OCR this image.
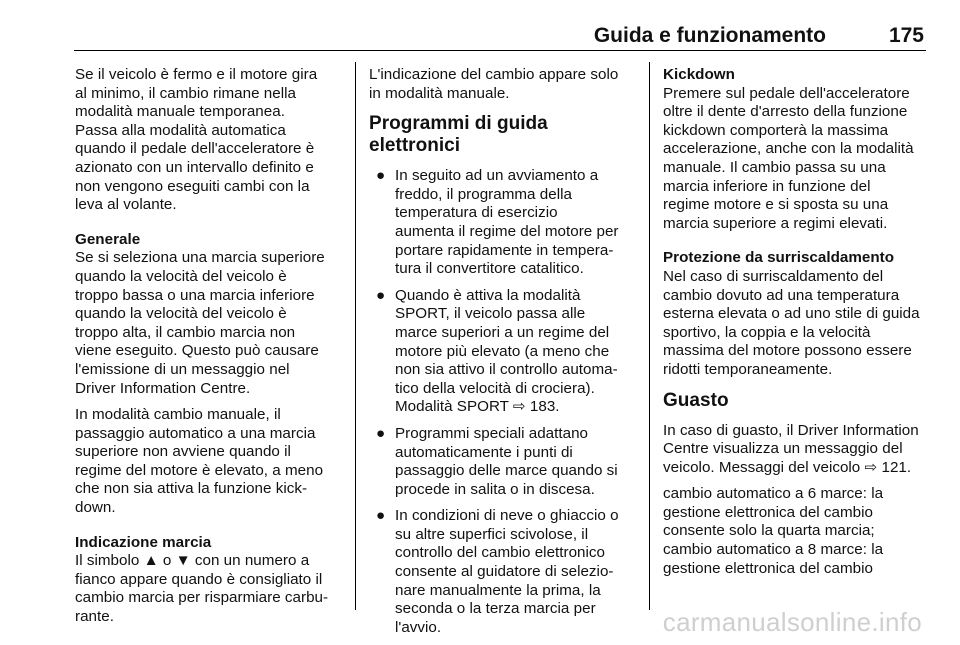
Guida e funzionamento	175

Se il veicolo è fermo e il motore gira
al minimo, il cambio rimane nella
modalità manuale temporanea.
Passa alla modalità automatica
quando il pedale dell'acceleratore è
azionato con un intervallo definito e
non vengono eseguiti cambi con la
leva al volante.

Generale

Se si seleziona una marcia superiore
quando la velocità del veicolo è
troppo bassa o una marcia inferiore
quando la velocità del veicolo è
troppo alta, il cambio marcia non
viene eseguito. Questo può causare
l'emissione di un messaggio nel
Driver Information Centre.

In modalità cambio manuale, il
passaggio automatico a una marcia
superiore non avviene quando il
regime del motore è elevato, a meno
che non sia attiva la funzione kick-
down.

Indicazione marcia

Il simbolo ▲ o ▼ con un numero a
fianco appare quando è consigliato il
cambio marcia per risparmiare carbu-
rante.

L'indicazione del cambio appare solo
in modalità manuale.

Programmi di guida elettronici
● In seguito ad un avviamento a
freddo, il programma della
temperatura di esercizio
aumenta il regime del motore per
portare rapidamente in tempera-
tura il convertitore catalitico.
● Quando è attiva la modalità
SPORT, il veicolo passa alle
marce superiori a un regime del
motore più elevato (a meno che
non sia attivo il controllo automa-
tico della velocità di crociera).
Modalità SPORT ⇨ 183.
● Programmi speciali adattano
automaticamente i punti di
passaggio delle marce quando si
procede in salita o in discesa.
● In condizioni di neve o ghiaccio o
su altre superfici scivolose, il
controllo del cambio elettronico
consente al guidatore di selezio-
nare manualmente la prima, la
seconda o la terza marcia per
l'avvio.
Kickdown

Premere sul pedale dell'acceleratore
oltre il dente d'arresto della funzione
kickdown comporterà la massima
accelerazione, anche con la modalità
manuale. Il cambio passa su una
marcia inferiore in funzione del
regime motore e si sposta su una
marcia superiore a regimi elevati.

Protezione da surriscaldamento

Nel caso di surriscaldamento del
cambio dovuto ad una temperatura
esterna elevata o ad uno stile di guida
sportivo, la coppia e la velocità
massima del motore possono essere
ridotti temporaneamente.

Guasto

In caso di guasto, il Driver Information
Centre visualizza un messaggio del
veicolo. Messaggi del veicolo ⇨ 121.

cambio automatico a 6 marce: la
gestione elettronica del cambio
consente solo la quarta marcia;
cambio automatico a 8 marce: la
gestione elettronica del cambio

carmanualsonline.info
